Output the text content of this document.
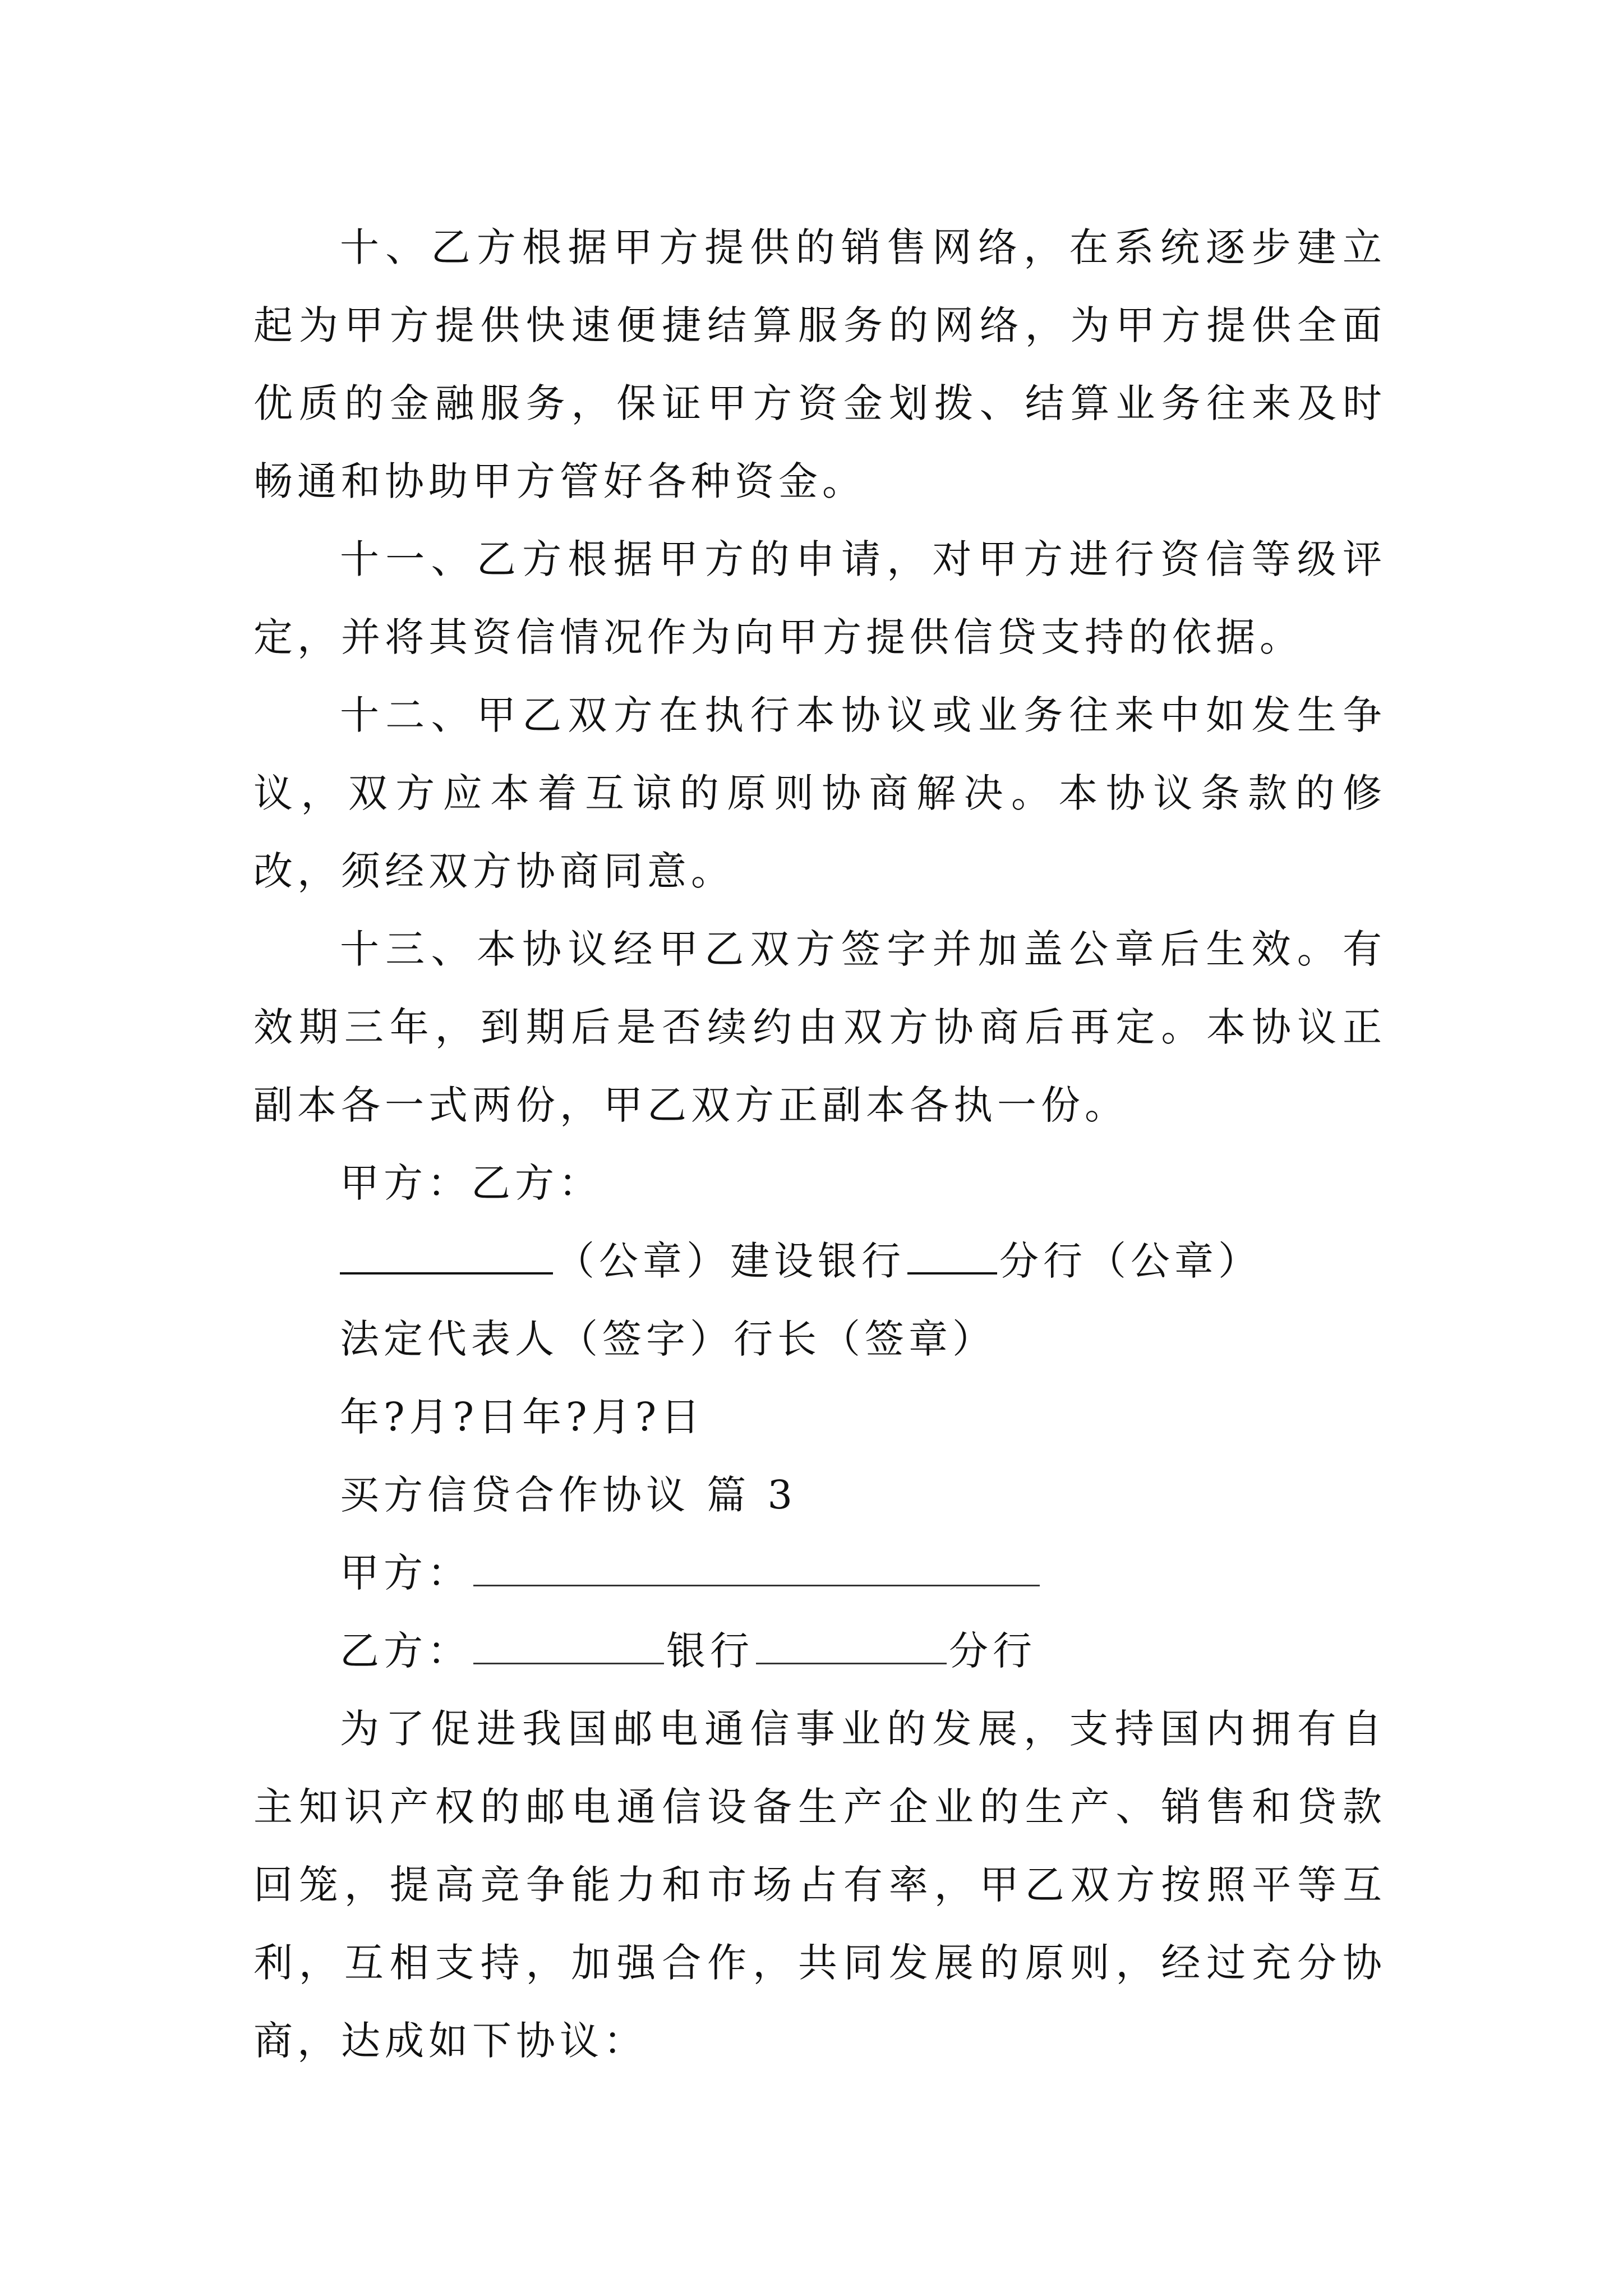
十、乙方根据甲方提供的销售网络，在系统逐步建立起为甲方提供快速便捷结算服务的网络，为甲方提供全面优质的金融服务，保证甲方资金划拨、结算业务往来及时畅通和协助甲方管好各种资金。

十一、乙方根据甲方的申请，对甲方进行资信等级评定，并将其资信情况作为向甲方提供信贷支持的依据。

十二、甲乙双方在执行本协议或业务往来中如发生争议，双方应本着互谅的原则协商解决。本协议条款的修改，须经双方协商同意。

十三、本协议经甲乙双方签字并加盖公章后生效。有效期三年，到期后是否续约由双方协商后再定。本协议正副本各一式两份，甲乙双方正副本各执一份。

甲方：乙方：

（公章）建设银行 分行（公章）

法定代表人（签字）行长（签章）

年?月?日年?月?日

买方信贷合作协议 篇 3

甲方：

乙方：	银行	分行

为了促进我国邮电通信事业的发展，支持国内拥有自主知识产权的邮电通信设备生产企业的生产、销售和贷款回笼，提高竞争能力和市场占有率，甲乙双方按照平等互利，互相支持，加强合作，共同发展的原则，经过充分协商，达成如下协议：
